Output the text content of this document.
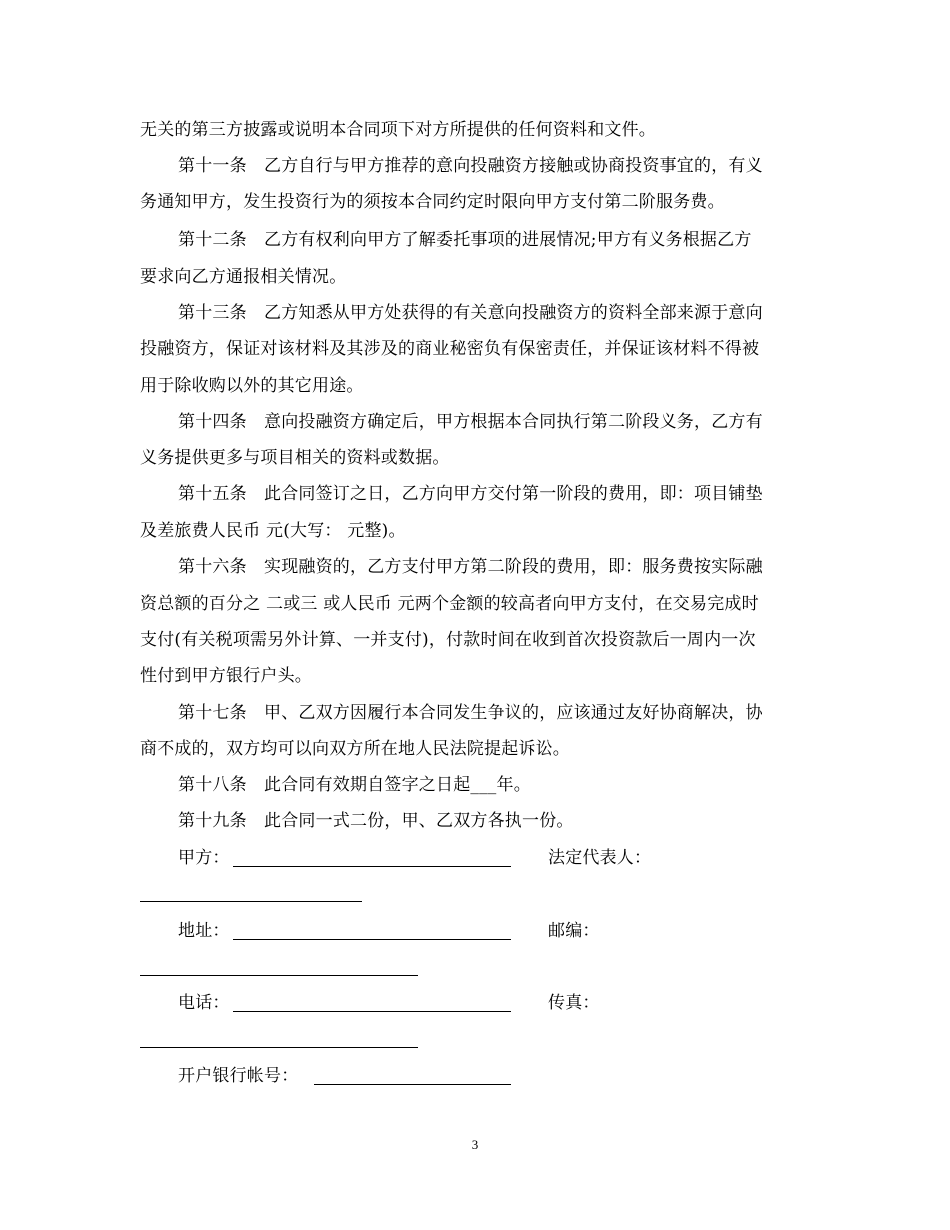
无关的第三方披露或说明本合同项下对方所提供的任何资料和文件。
第十一条　乙方自行与甲方推荐的意向投融资方接触或协商投资事宜的，有义
务通知甲方，发生投资行为的须按本合同约定时限向甲方支付第二阶服务费。
第十二条　乙方有权利向甲方了解委托事项的进展情况;甲方有义务根据乙方
要求向乙方通报相关情况。
第十三条　乙方知悉从甲方处获得的有关意向投融资方的资料全部来源于意向
投融资方，保证对该材料及其涉及的商业秘密负有保密责任，并保证该材料不得被
用于除收购以外的其它用途。
第十四条　意向投融资方确定后，甲方根据本合同执行第二阶段义务，乙方有
义务提供更多与项目相关的资料或数据。
第十五条　此合同签订之日，乙方向甲方交付第一阶段的费用，即：项目铺垫
及差旅费人民币 元(大写： 元整)。
第十六条　实现融资的，乙方支付甲方第二阶段的费用，即：服务费按实际融
资总额的百分之 二或三 或人民币 元两个金额的较高者向甲方支付，在交易完成时
支付(有关税项需另外计算、一并支付)，付款时间在收到首次投资款后一周内一次
性付到甲方银行户头。
第十七条　甲、乙双方因履行本合同发生争议的，应该通过友好协商解决，协
商不成的，双方均可以向双方所在地人民法院提起诉讼。
第十八条　此合同有效期自签字之日起___年。
第十九条　此合同一式二份，甲、乙双方各执一份。
甲方：	法定代表人：
地址：	邮编：
电话：	传真：
开户银行帐号：
3
